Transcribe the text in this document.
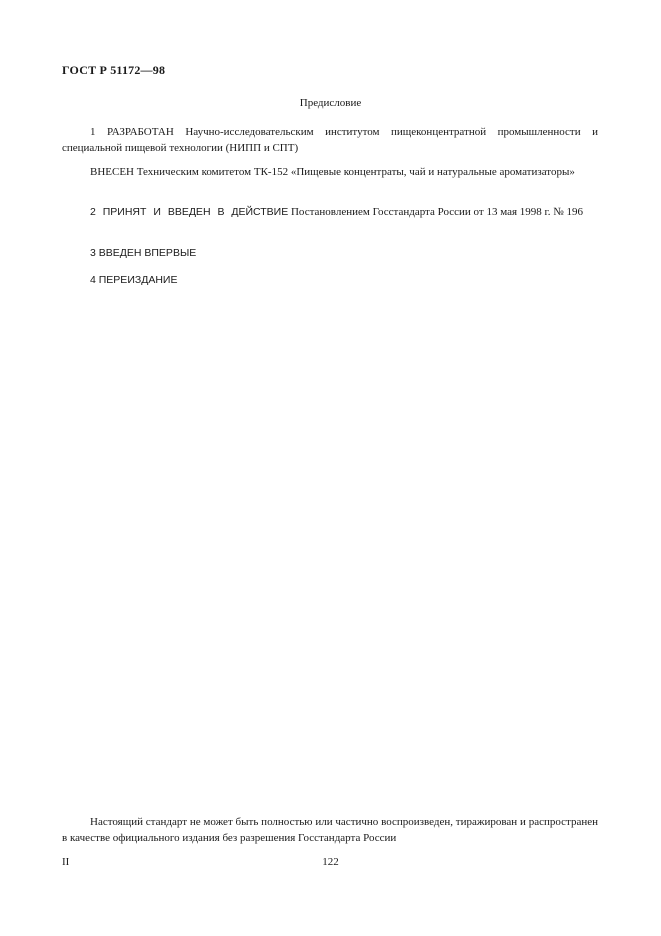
ГОСТ Р 51172—98
Предисловие
1 РАЗРАБОТАН Научно-исследовательским институтом пищеконцентратной промышленности и специальной пищевой технологии (НИПП и СПТ)
ВНЕСЕН Техническим комитетом ТК-152 «Пищевые концентраты, чай и натуральные ароматизаторы»
2 ПРИНЯТ И ВВЕДЕН В ДЕЙСТВИЕ Постановлением Госстандарта России от 13 мая 1998 г. № 196
3 ВВЕДЕН ВПЕРВЫЕ
4 ПЕРЕИЗДАНИЕ
Настоящий стандарт не может быть полностью или частично воспроизведен, тиражирован и распространен в качестве официального издания без разрешения Госстандарта России
II	122
